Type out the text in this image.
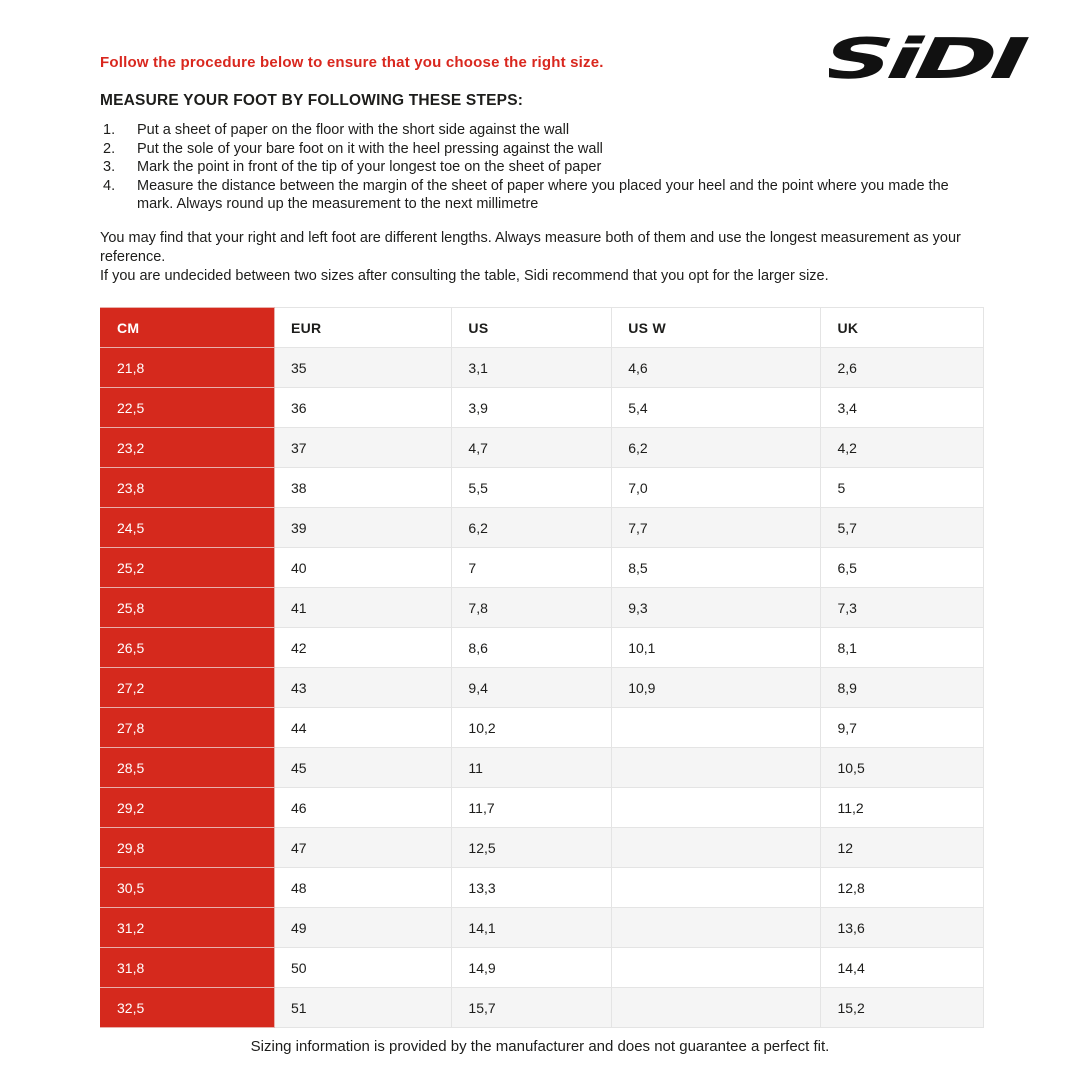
Follow the procedure below to ensure that you choose the right size.	SiDI
MEASURE YOUR FOOT BY FOLLOWING THESE STEPS:
1.	Put a sheet of paper on the floor with the short side against the wall
2.	Put the sole of your bare foot on it with the heel pressing against the wall
3.	Mark the point in front of the tip of your longest toe on the sheet of paper
4.	Measure the distance between the margin of the sheet of paper where you placed your heel and the point where you made the mark. Always round up the measurement to the next millimetre

You may find that your right and left foot are different lengths. Always measure both of them and use the longest measurement as your reference.

If you are undecided between two sizes after consulting the table, Sidi recommend that you opt for the larger size.

CM	EUR	US	US W	UK
21,8	35	3,1	4,6	2,6
22,5	36	3,9	5,4	3,4
23,2	37	4,7	6,2	4,2
23,8	38	5,5	7,0	5
24,5	39	6,2	7,7	5,7
25,2	40	7	8,5	6,5
25,8	41	7,8	9,3	7,3
26,5	42	8,6	10,1	8,1
27,2	43	9,4	10,9	8,9
27,8	44	10,2		9,7
28,5	45	11		10,5
29,2	46	11,7		11,2
29,8	47	12,5		12
30,5	48	13,3		12,8
31,2	49	14,1		13,6
31,8	50	14,9		14,4
32,5	51	15,7		15,2
Sizing information is provided by the manufacturer and does not guarantee a perfect fit.
